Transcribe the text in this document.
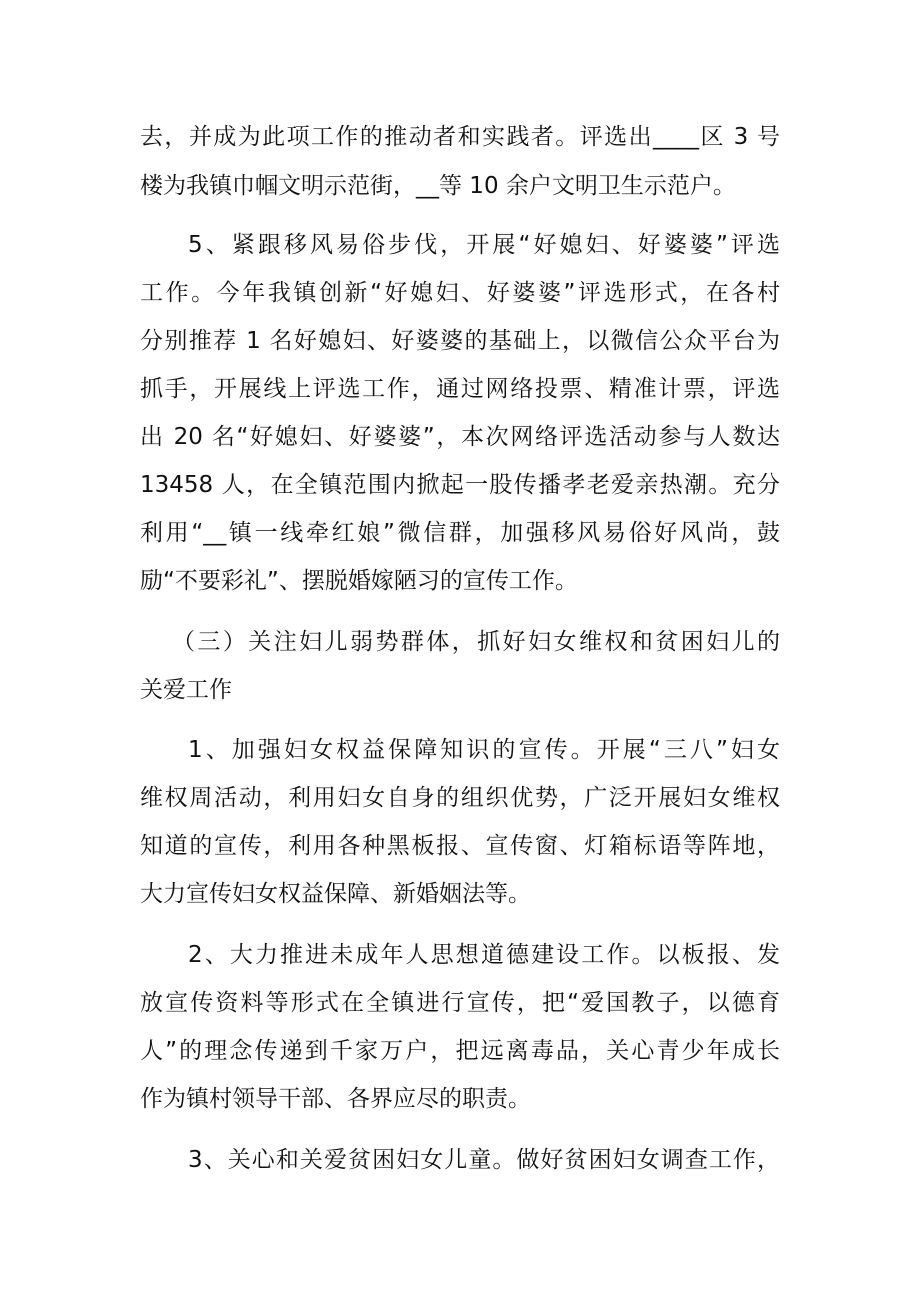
去，并成为此项工作的推动者和实践者。评选出____区 3 号
楼为我镇巾帼文明示范街，__等 10 余户文明卫生示范户。
5、紧跟移风易俗步伐，开展“好媳妇、好婆婆”评选
工作。今年我镇创新“好媳妇、好婆婆”评选形式，在各村
分别推荐 1 名好媳妇、好婆婆的基础上，以微信公众平台为
抓手，开展线上评选工作，通过网络投票、精准计票，评选
出 20 名“好媳妇、好婆婆”，本次网络评选活动参与人数达
13458 人，在全镇范围内掀起一股传播孝老爱亲热潮。充分
利用“__镇一线牵红娘”微信群，加强移风易俗好风尚，鼓
励“不要彩礼”、摆脱婚嫁陋习的宣传工作。
（三）关注妇儿弱势群体，抓好妇女维权和贫困妇儿的
关爱工作
1、加强妇女权益保障知识的宣传。开展“三八”妇女
维权周活动，利用妇女自身的组织优势，广泛开展妇女维权
知道的宣传，利用各种黑板报、宣传窗、灯箱标语等阵地，
大力宣传妇女权益保障、新婚姻法等。
2、大力推进未成年人思想道德建设工作。以板报、发
放宣传资料等形式在全镇进行宣传，把“爱国教子，以德育
人”的理念传递到千家万户，把远离毒品，关心青少年成长
作为镇村领导干部、各界应尽的职责。
3、关心和关爱贫困妇女儿童。做好贫困妇女调查工作，
